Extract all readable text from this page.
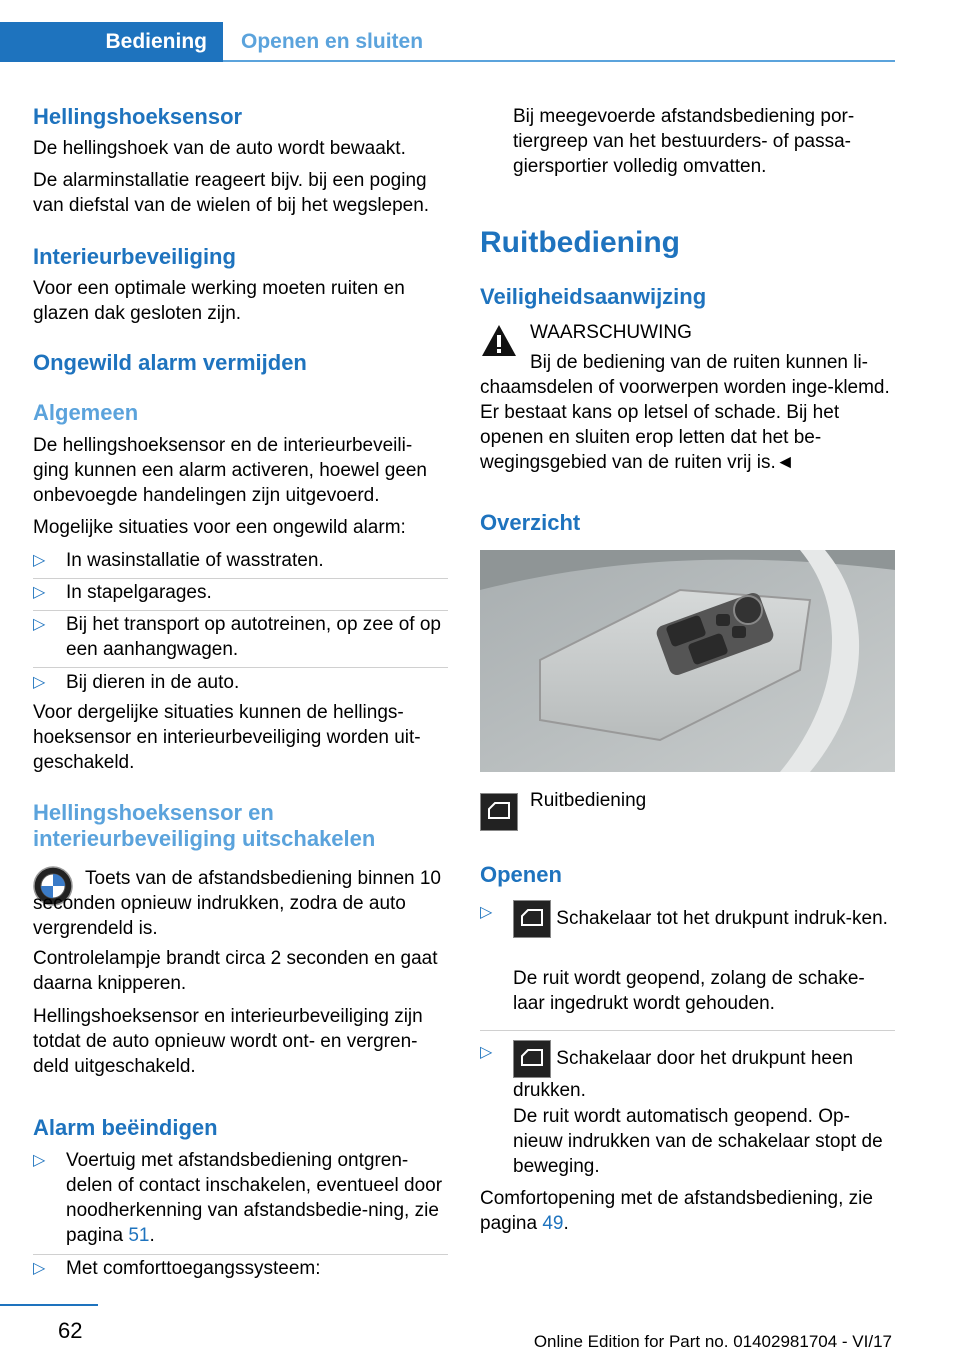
Bediening	Openen en sluiten
Hellingshoeksensor
De hellingshoek van de auto wordt bewaakt.
De alarminstallatie reageert bijv. bij een poging van diefstal van de wielen of bij het wegslepen.
Interieurbeveiliging
Voor een optimale werking moeten ruiten en glazen dak gesloten zijn.
Ongewild alarm vermijden
Algemeen
De hellingshoeksensor en de interieurbeveili-ging kunnen een alarm activeren, hoewel geen onbevoegde handelingen zijn uitgevoerd.
Mogelijke situaties voor een ongewild alarm:
▷ In wasinstallatie of wasstraten.
▷ In stapelgarages.
▷ Bij het transport op autotreinen, op zee of op een aanhangwagen.
▷ Bij dieren in de auto.
Voor dergelijke situaties kunnen de hellings-hoeksensor en interieurbeveiliging worden uit-geschakeld.
Hellingshoeksensor en interieurbeveiliging uitschakelen
Toets van de afstandsbediening binnen 10 seconden opnieuw indrukken, zodra de auto vergrendeld is.
Controlelampje brandt circa 2 seconden en gaat daarna knipperen.
Hellingshoeksensor en interieurbeveiliging zijn totdat de auto opnieuw wordt ont- en vergren-deld uitgeschakeld.
Alarm beëindigen
▷ Voertuig met afstandsbediening ontgren-delen of contact inschakelen, eventueel door noodherkenning van afstandsbedie-ning, zie pagina 51.
▷ Met comforttoegangssysteem:
Bij meegevoerde afstandsbediening por-tiergreep van het bestuurders- of passa-giersportier volledig omvatten.
Ruitbediening
Veiligheidsaanwijzing
WAARSCHUWING
Bij de bediening van de ruiten kunnen li-chaamsdelen of voorwerpen worden inge-klemd. Er bestaat kans op letsel of schade. Bij het openen en sluiten erop letten dat het be-wegingsgebied van de ruiten vrij is.◄
Overzicht
Ruitbediening
Openen
▷	Schakelaar tot het drukpunt indruk-ken.
De ruit wordt geopend, zolang de schake-laar ingedrukt wordt gehouden.
▷	Schakelaar door het drukpunt heen drukken.
De ruit wordt automatisch geopend. Op-nieuw indrukken van de schakelaar stopt de beweging.
Comfortopening met de afstandsbediening, zie pagina 49.
62	Online Edition for Part no. 01402981704 - VI/17
